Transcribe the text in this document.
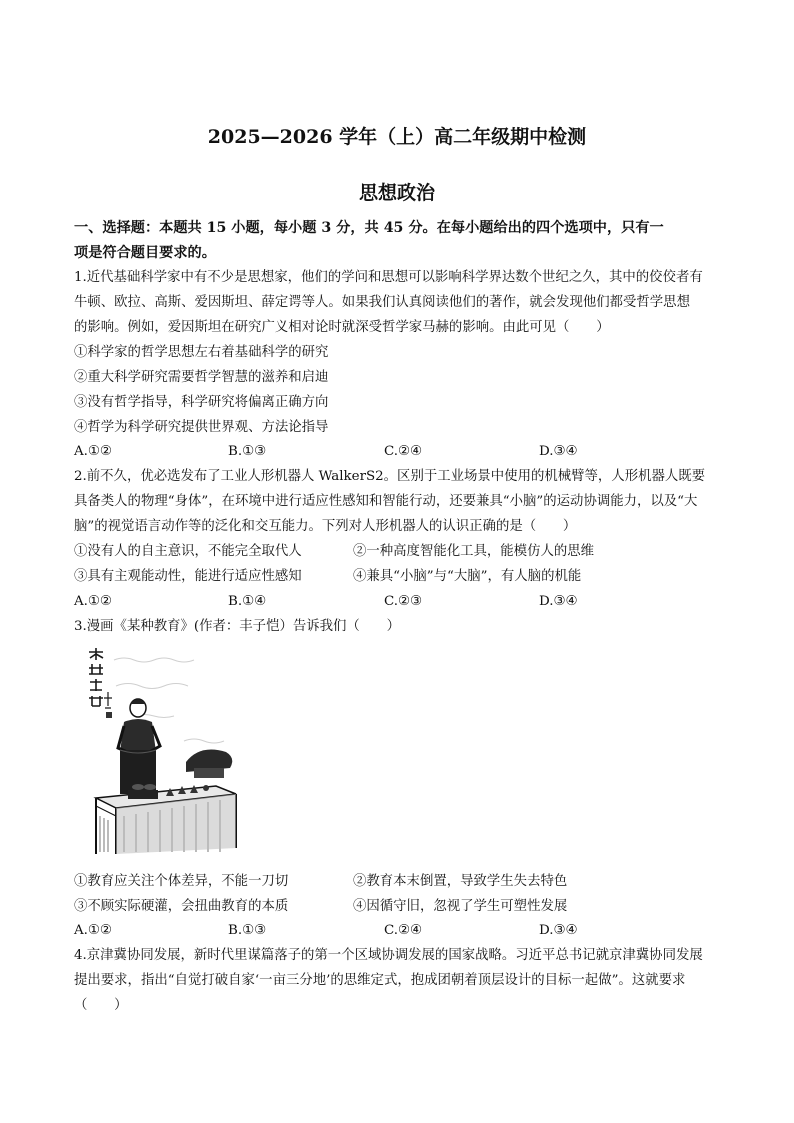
2025—2026 学年（上）高二年级期中检测
思想政治
一、选择题：本题共 15 小题，每小题 3 分，共 45 分。在每小题给出的四个选项中，只有一
项是符合题目要求的。
1.近代基础科学家中有不少是思想家，他们的学问和思想可以影响科学界达数个世纪之久，其中的佼佼者有
牛顿、欧拉、高斯、爱因斯坦、薛定谔等人。如果我们认真阅读他们的著作，就会发现他们都受哲学思想
的影响。例如，爱因斯坦在研究广义相对论时就深受哲学家马赫的影响。由此可见（　　）
①科学家的哲学思想左右着基础科学的研究
②重大科学研究需要哲学智慧的滋养和启迪
③没有哲学指导，科学研究将偏离正确方向
④哲学为科学研究提供世界观、方法论指导
A.①②	B.①③	C.②④	D.③④
2.前不久，优必选发布了工业人形机器人 WalkerS2。区别于工业场景中使用的机械臂等，人形机器人既要
具备类人的物理“身体”，在环境中进行适应性感知和智能行动，还要兼具“小脑”的运动协调能力，以及“大
脑”的视觉语言动作等的泛化和交互能力。下列对人形机器人的认识正确的是（　　）
①没有人的自主意识，不能完全取代人	②一种高度智能化工具，能模仿人的思维
③具有主观能动性，能进行适应性感知	④兼具“小脑”与“大脑”，有人脑的机能
A.①②	B.①④	C.②③	D.③④
3.漫画《某种教育》(作者：丰子恺）告诉我们（　　）
①教育应关注个体差异，不能一刀切	②教育本末倒置，导致学生失去特色
③不顾实际硬灌，会扭曲教育的本质	④因循守旧，忽视了学生可塑性发展
A.①②	B.①③	C.②④	D.③④
4.京津冀协同发展，新时代里谋篇落子的第一个区域协调发展的国家战略。习近平总书记就京津冀协同发展
提出要求，指出“自觉打破自家‘一亩三分地’的思维定式，抱成团朝着顶层设计的目标一起做”。这就要求
（　　）
